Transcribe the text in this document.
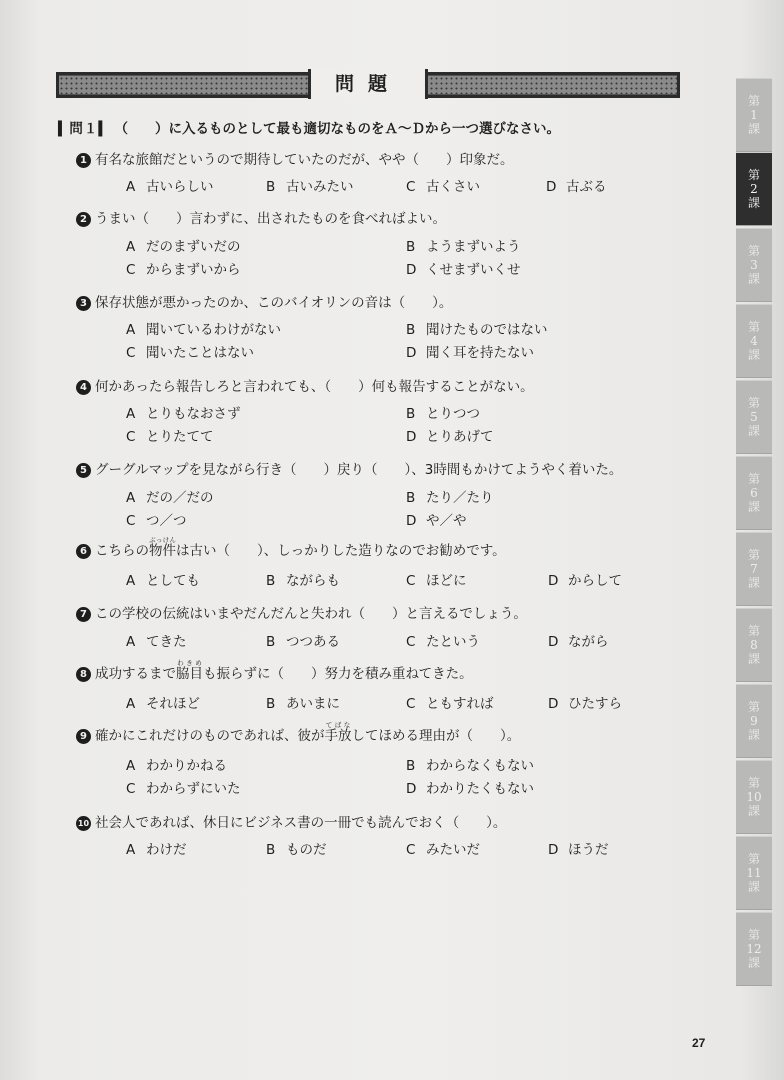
問題
▍問１▍ （　　）に入るものとして最も適切なものをＡ～Ｄから一つ選びなさい。
1 有名な旅館だというので期待していたのだが、やや（　　）印象だ。
A 古いらしい	B 古いみたい	C 古くさい	D 古ぶる
2 うまい（　　）言わずに、出されたものを食べればよい。
A だのまずいだの	B ようまずいよう
C からまずいから	D くせまずいくせ
3 保存状態が悪かったのか、このバイオリンの音は（　　）。
A 聞いているわけがない	B 聞けたものではない
C 聞いたことはない	D 聞く耳を持たない
4 何かあったら報告しろと言われても、（　　）何も報告することがない。
A とりもなおさず	B とりつつ
C とりたてて	D とりあげて
5 グーグルマップを見ながら行き（　　）戻り（　　）、3時間もかけてようやく着いた。
A だの／だの	B たり／たり
C つ／つ	D や／や
6 こちらの物件ぶっけんは古い（　　）、しっかりした造りなのでお勧めです。
A としても	B ながらも	C ほどに	D からして
7 この学校の伝統はいまやだんだんと失われ（　　）と言えるでしょう。
A てきた	B つつある	C たという	D ながら
8 成功するまで脇目わきめも振らずに（　　）努力を積み重ねてきた。
A それほど	B あいまに	C ともすれば	D ひたすら
9 確かにこれだけのものであれば、彼が手放てばなしてほめる理由が（　　）。
A わかりかねる	B わからなくもない
C わからずにいた	D わかりたくもない
10 社会人であれば、休日にビジネス書の一冊でも読んでおく（　　）。
A わけだ	B ものだ	C みたいだ	D ほうだ
第
1
課
第
2
課
第
3
課
第
4
課
第
5
課
第
6
課
第
7
課
第
8
課
第
9
課
第
10
課
第
11
課
第
12
課
27
